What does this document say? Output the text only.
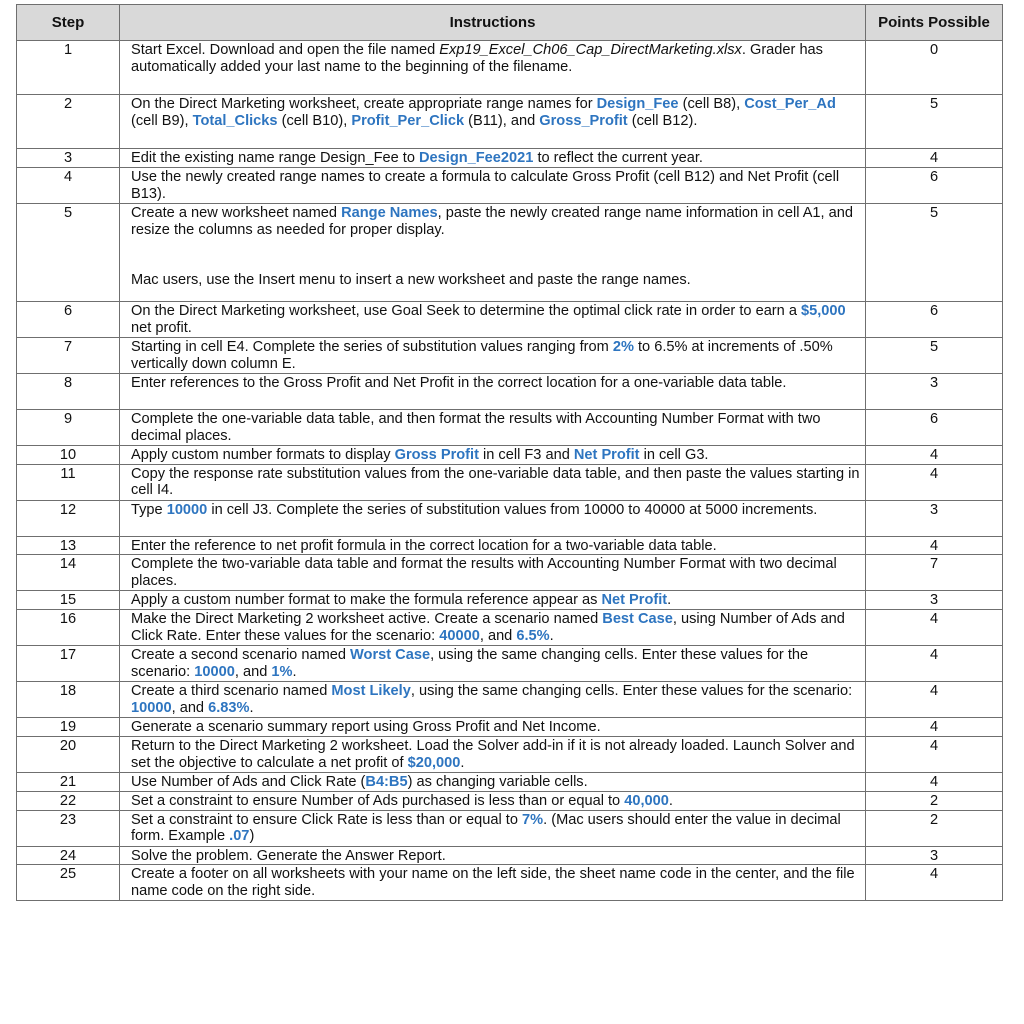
Step	Instructions	Points Possible
1	Start Excel. Download and open the file named Exp19_Excel_Ch06_Cap_DirectMarketing.xlsx. Grader has automatically added your last name to the beginning of the filename.	0
2	On the Direct Marketing worksheet, create appropriate range names for Design_Fee (cell B8), Cost_Per_Ad (cell B9), Total_Clicks (cell B10), Profit_Per_Click (B11), and Gross_Profit (cell B12).	5
3	Edit the existing name range Design_Fee to Design_Fee2021 to reflect the current year.	4
4	Use the newly created range names to create a formula to calculate Gross Profit (cell B12) and Net Profit (cell B13).	6
5	Create a new worksheet named Range Names, paste the newly created range name information in cell A1, and resize the columns as needed for proper display.

Mac users, use the Insert menu to insert a new worksheet and paste the range names.	5
6	On the Direct Marketing worksheet, use Goal Seek to determine the optimal click rate in order to earn a $5,000 net profit.	6
7	Starting in cell E4. Complete the series of substitution values ranging from 2% to 6.5% at increments of .50% vertically down column E.	5
8	Enter references to the Gross Profit and Net Profit in the correct location for a one-variable data table.	3
9	Complete the one-variable data table, and then format the results with Accounting Number Format with two decimal places.	6
10	Apply custom number formats to display Gross Profit in cell F3 and Net Profit in cell G3.	4
11	Copy the response rate substitution values from the one-variable data table, and then paste the values starting in cell I4.	4
12	Type 10000 in cell J3. Complete the series of substitution values from 10000 to 40000 at 5000 increments.	3
13	Enter the reference to net profit formula in the correct location for a two-variable data table.	4
14	Complete the two-variable data table and format the results with Accounting Number Format with two decimal places.	7
15	Apply a custom number format to make the formula reference appear as Net Profit.	3
16	Make the Direct Marketing 2 worksheet active. Create a scenario named Best Case, using Number of Ads and Click Rate. Enter these values for the scenario: 40000, and 6.5%.	4
17	Create a second scenario named Worst Case, using the same changing cells. Enter these values for the scenario: 10000, and 1%.	4
18	Create a third scenario named Most Likely, using the same changing cells. Enter these values for the scenario: 10000, and 6.83%.	4
19	Generate a scenario summary report using Gross Profit and Net Income.	4
20	Return to the Direct Marketing 2 worksheet. Load the Solver add-in if it is not already loaded. Launch Solver and set the objective to calculate a net profit of $20,000.	4
21	Use Number of Ads and Click Rate (B4:B5) as changing variable cells.	4
22	Set a constraint to ensure Number of Ads purchased is less than or equal to 40,000.	2
23	Set a constraint to ensure Click Rate is less than or equal to 7%. (Mac users should enter the value in decimal form. Example .07)	2
24	Solve the problem. Generate the Answer Report.	3
25	Create a footer on all worksheets with your name on the left side, the sheet name code in the center, and the file name code on the right side.	4
